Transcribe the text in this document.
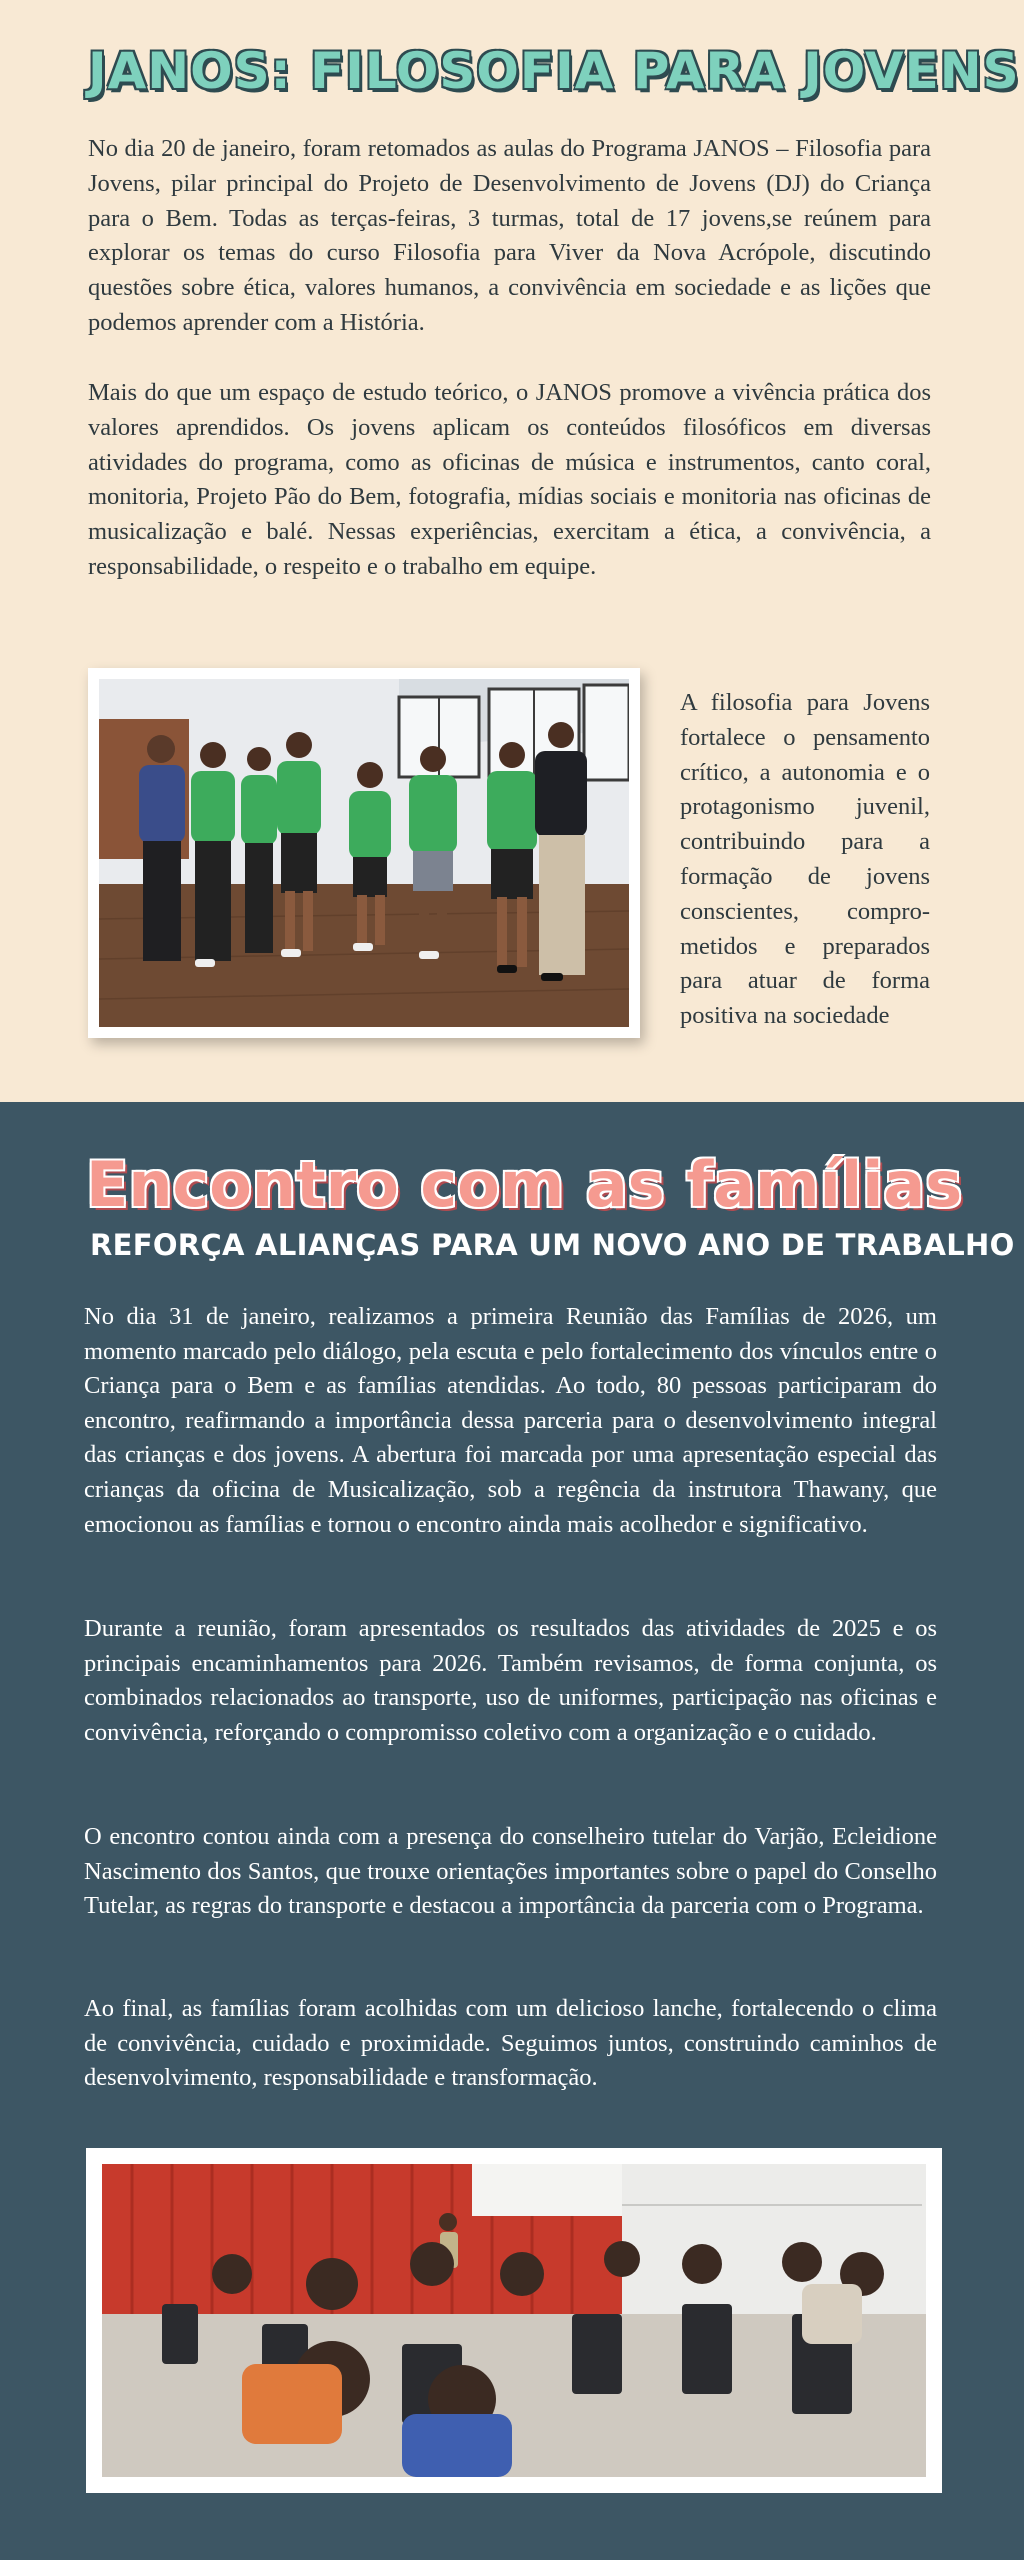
JANOS: FILOSOFIA PARA JOVENS

No dia 20 de janeiro, foram retomados as aulas do Programa JANOS – Filosofia para Jovens, pilar principal do Projeto de Desenvolvimento de Jovens (DJ) do Criança para o Bem. Todas as terças-feiras, 3 turmas, total de 17 jovens,se reúnem para explorar os temas do curso Filosofia para Viver da Nova Acrópole, discutindo questões sobre ética, valores humanos, a convivência em sociedade e as lições que podemos aprender com a História.

Mais do que um espaço de estudo teórico, o JANOS promove a vivência prática dos valores aprendidos. Os jovens aplicam os conteúdos filosóficos em diversas atividades do programa, como as oficinas de música e instrumentos, canto coral, monitoria, Projeto Pão do Bem, fotografia, mídias sociais e monitoria nas oficinas de musicalização e balé. Nessas experiências, exercitam a ética, a convivência, a responsabilidade, o respeito e o trabalho em equipe.

A filosofia para Jovens fortalece o pensamento crítico, a autonomia e o protagonismo juvenil, contribuindo para a formação de jovens conscientes, comprometidos e preparados para atuar de forma positiva na sociedade

Encontro com as famílias
REFORÇA ALIANÇAS PARA UM NOVO ANO DE TRABALHO

No dia 31 de janeiro, realizamos a primeira Reunião das Famílias de 2026, um momento marcado pelo diálogo, pela escuta e pelo fortalecimento dos vínculos entre o Criança para o Bem e as famílias atendidas. Ao todo, 80 pessoas participaram do encontro, reafirmando a importância dessa parceria para o desenvolvimento integral das crianças e dos jovens. A abertura foi marcada por uma apresentação especial das crianças da oficina de Musicalização, sob a regência da instrutora Thawany, que emocionou as famílias e tornou o encontro ainda mais acolhedor e significativo.

Durante a reunião, foram apresentados os resultados das atividades de 2025 e os principais encaminhamentos para 2026. Também revisamos, de forma conjunta, os combinados relacionados ao transporte, uso de uniformes, participação nas oficinas e convivência, reforçando o compromisso coletivo com a organização e o cuidado.

O encontro contou ainda com a presença do conselheiro tutelar do Varjão, Ecleidione Nascimento dos Santos, que trouxe orientações importantes sobre o papel do Conselho Tutelar, as regras do transporte e destacou a importância da parceria com o Programa.

Ao final, as famílias foram acolhidas com um delicioso lanche, fortalecendo o clima de convivência, cuidado e proximidade. Seguimos juntos, construindo caminhos de desenvolvimento, responsabilidade e transformação.
